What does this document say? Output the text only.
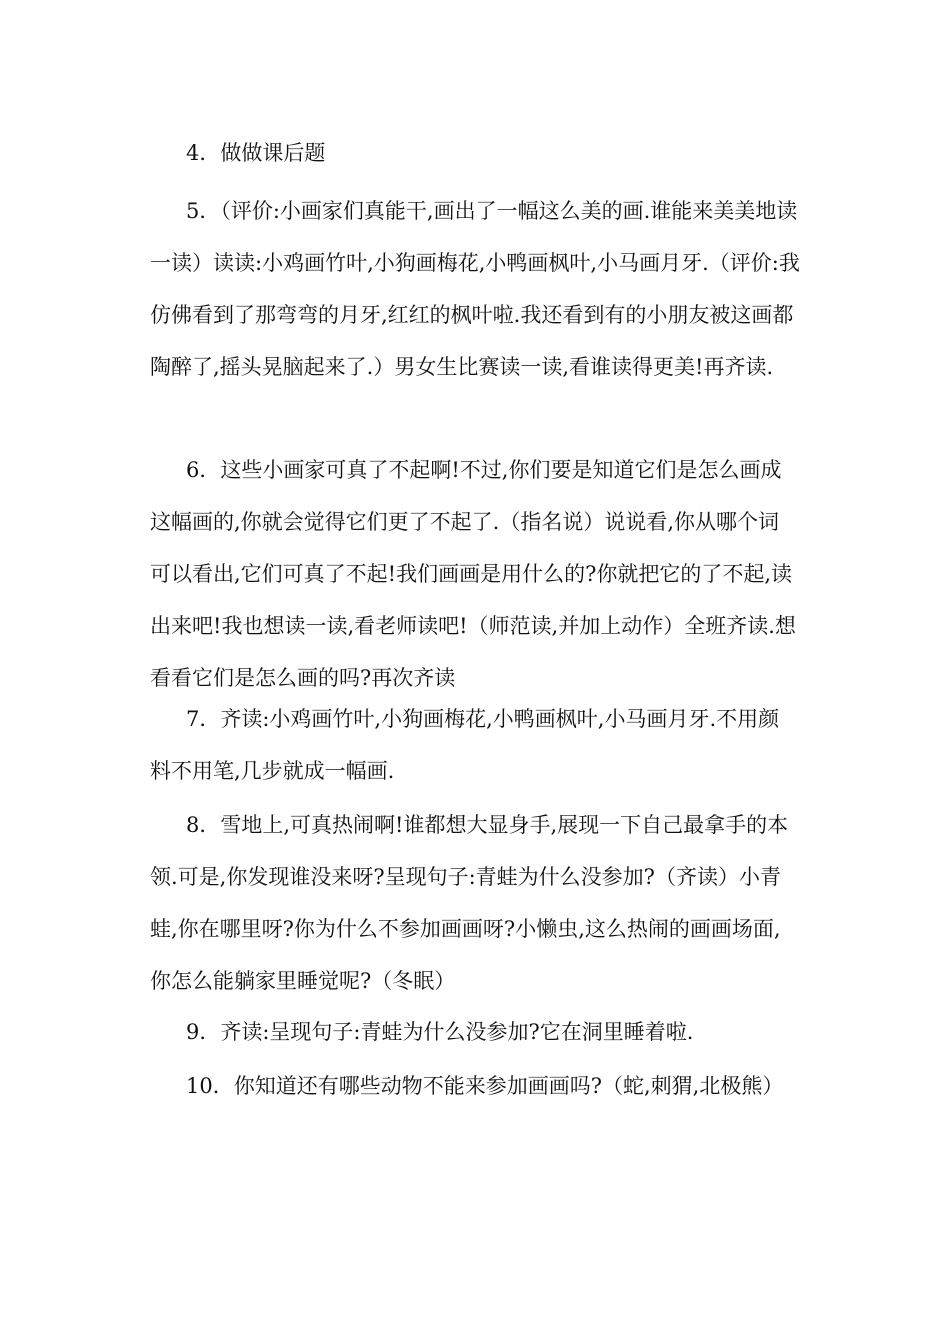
4．做做课后题

5．（评价:小画家们真能干,画出了一幅这么美的画.谁能来美美地读一读）读读:小鸡画竹叶,小狗画梅花,小鸭画枫叶,小马画月牙.（评价:我仿佛看到了那弯弯的月牙,红红的枫叶啦.我还看到有的小朋友被这画都陶醉了,摇头晃脑起来了.）男女生比赛读一读,看谁读得更美!再齐读.

6．这些小画家可真了不起啊!不过,你们要是知道它们是怎么画成这幅画的,你就会觉得它们更了不起了.（指名说）说说看,你从哪个词可以看出,它们可真了不起!我们画画是用什么的?你就把它的了不起,读出来吧!我也想读一读,看老师读吧!（师范读,并加上动作）全班齐读.想看看它们是怎么画的吗?再次齐读

7．齐读:小鸡画竹叶,小狗画梅花,小鸭画枫叶,小马画月牙.不用颜料不用笔,几步就成一幅画.

8．雪地上,可真热闹啊!谁都想大显身手,展现一下自己最拿手的本领.可是,你发现谁没来呀?呈现句子:青蛙为什么没参加?（齐读）小青蛙,你在哪里呀?你为什么不参加画画呀?小懒虫,这么热闹的画画场面,你怎么能躺家里睡觉呢?（冬眠）

9．齐读:呈现句子:青蛙为什么没参加?它在洞里睡着啦.

10．你知道还有哪些动物不能来参加画画吗?（蛇,刺猬,北极熊）
